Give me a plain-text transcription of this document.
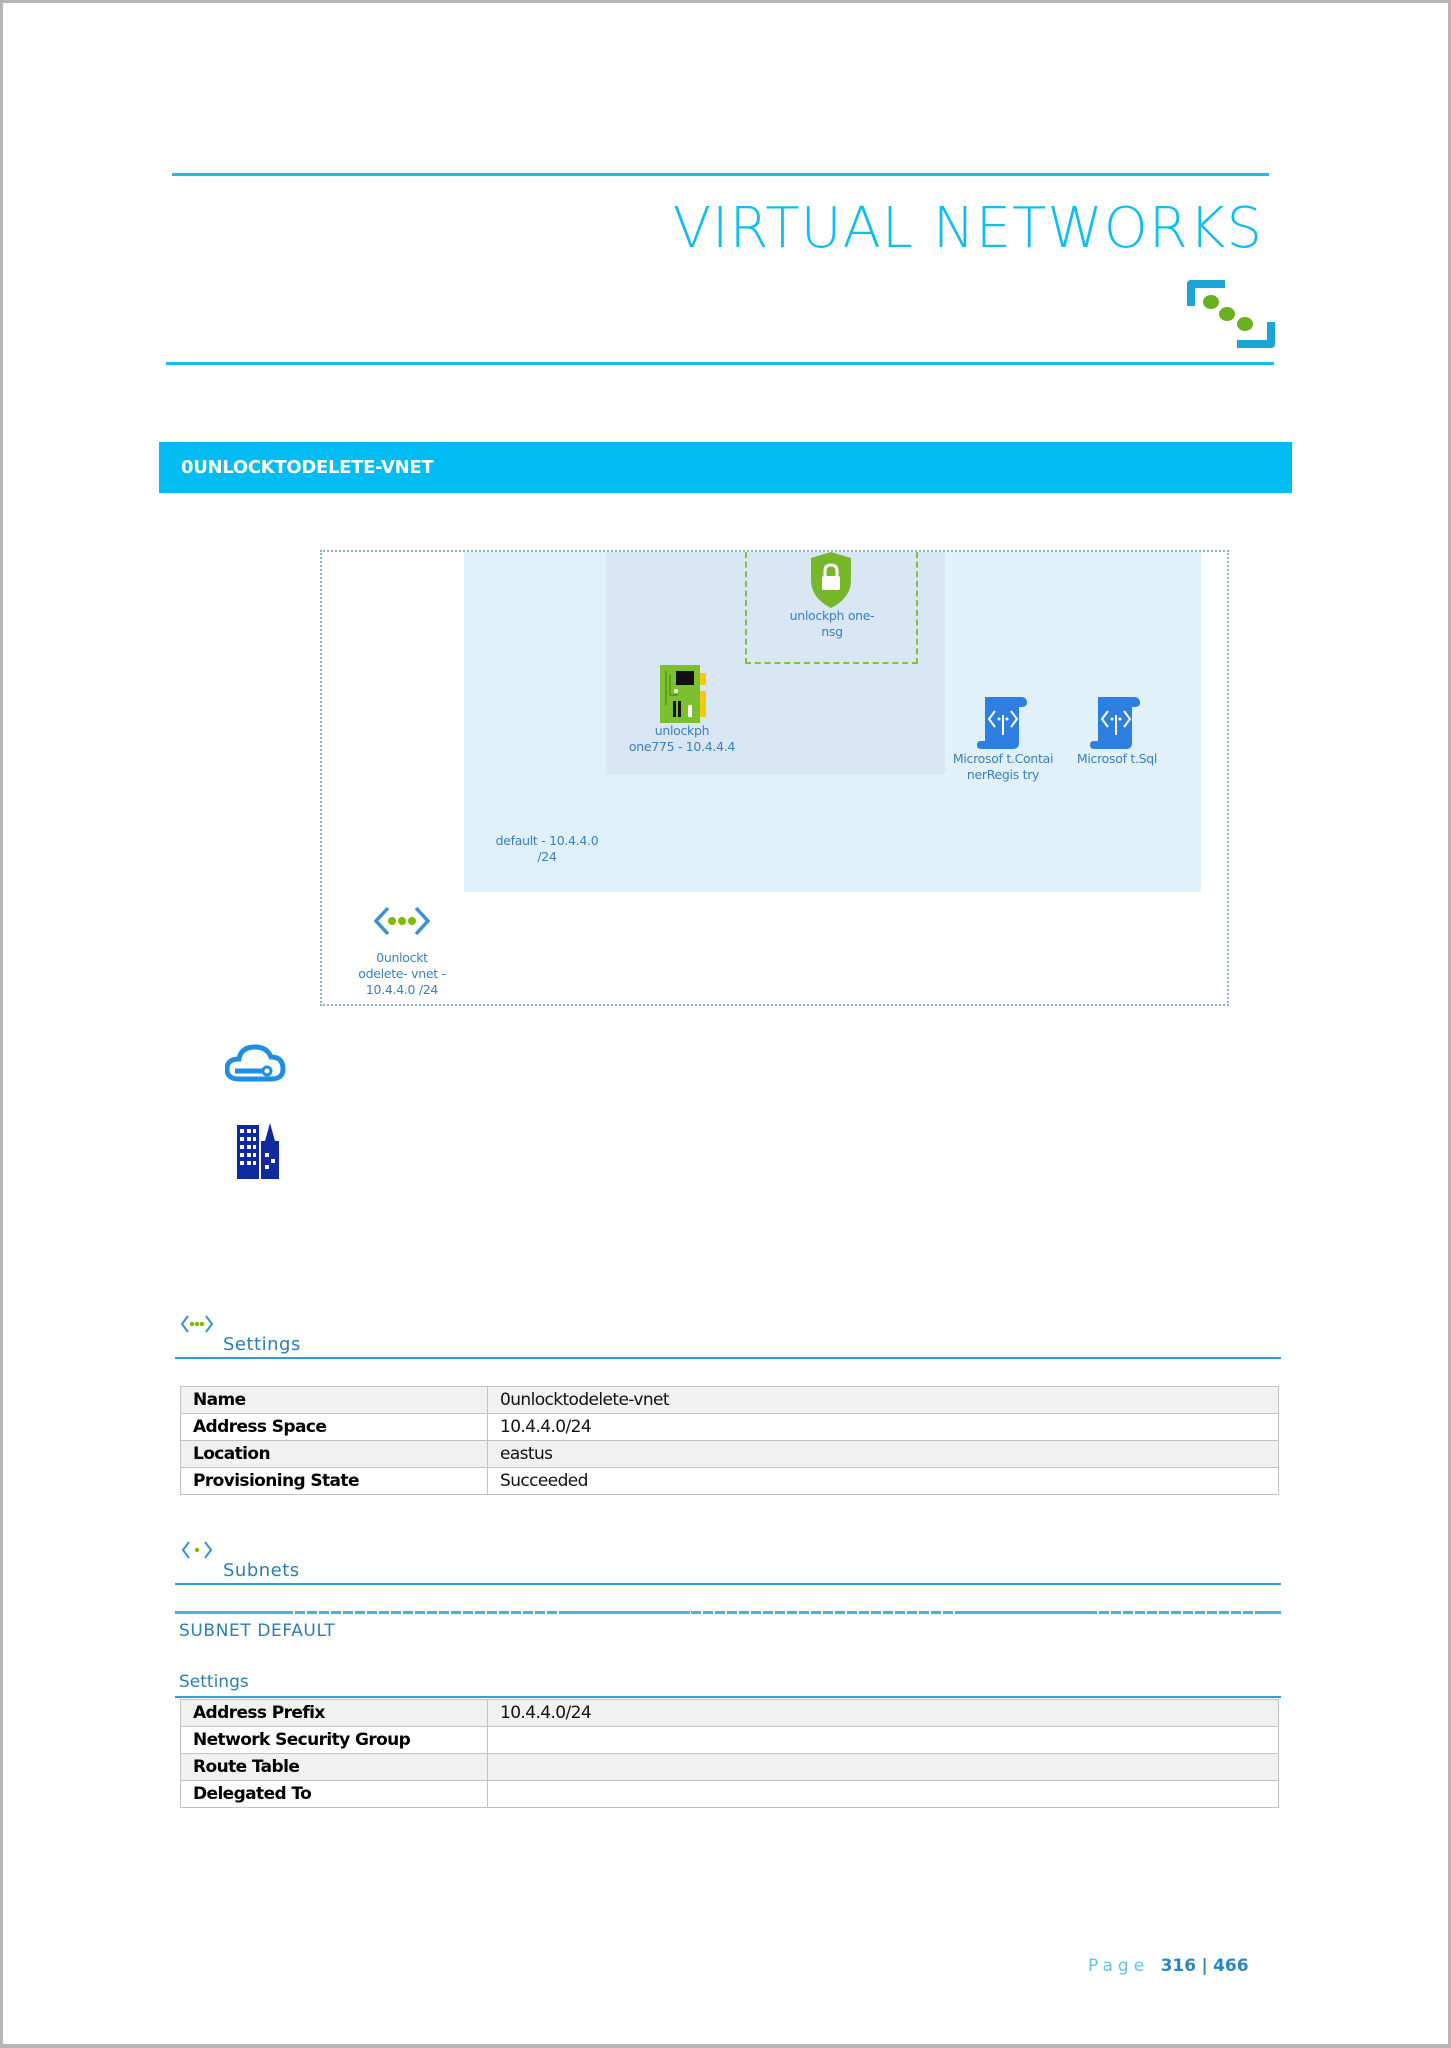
VIRTUAL NETWORKS
0UNLOCKTODELETE-VNET
unlockph one-
nsg
unlockph
one775 - 10.4.4.4
Microsof t.Contai
nerRegis try
Microsof t.Sql
default - 10.4.4.0
/24
0unlockt
odelete- vnet -
10.4.4.0 /24
Settings
Name	0unlocktodelete-vnet
Address Space	10.4.4.0/24
Location	eastus
Provisioning State	Succeeded
Subnets
SUBNET DEFAULT
Settings
Address Prefix	10.4.4.0/24
Network Security Group	
Route Table	
Delegated To	
Page 316 | 466
